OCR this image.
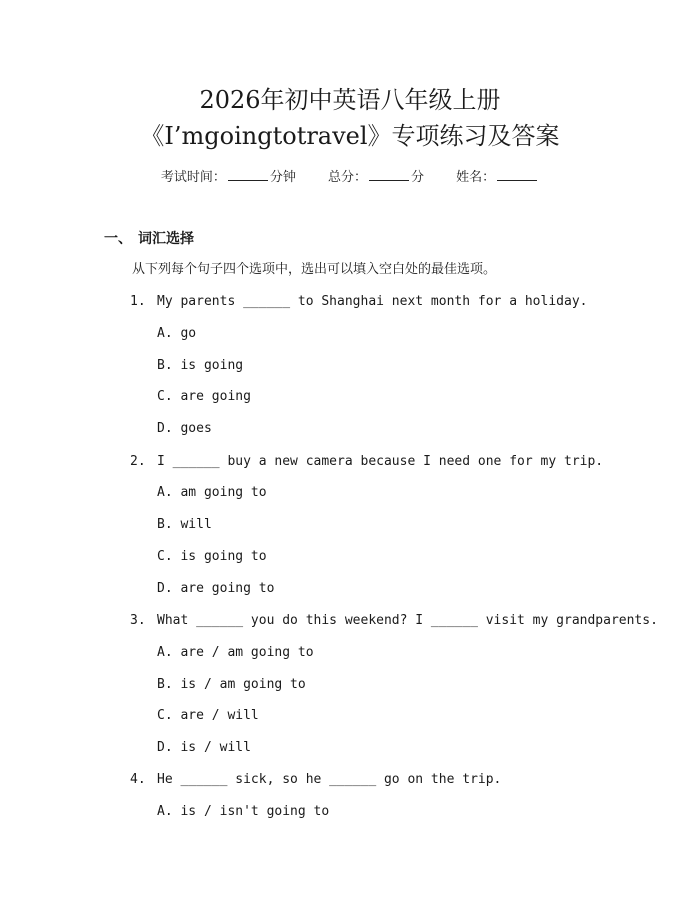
2026年初中英语八年级上册
《I’mgoingtotravel》专项练习及答案
考试时间：	分钟 总分：	分 姓名：
一、 词汇选择
从下列每个句子四个选项中，选出可以填入空白处的最佳选项。
1. My parents ______ to Shanghai next month for a holiday.
A. go
B. is going
C. are going
D. goes
2. I ______ buy a new camera because I need one for my trip.
A. am going to
B. will
C. is going to
D. are going to
3. What ______ you do this weekend? I ______ visit my grandparents.
A. are / am going to
B. is / am going to
C. are / will
D. is / will
4. He ______ sick, so he ______ go on the trip.
A. is / isn't going to
